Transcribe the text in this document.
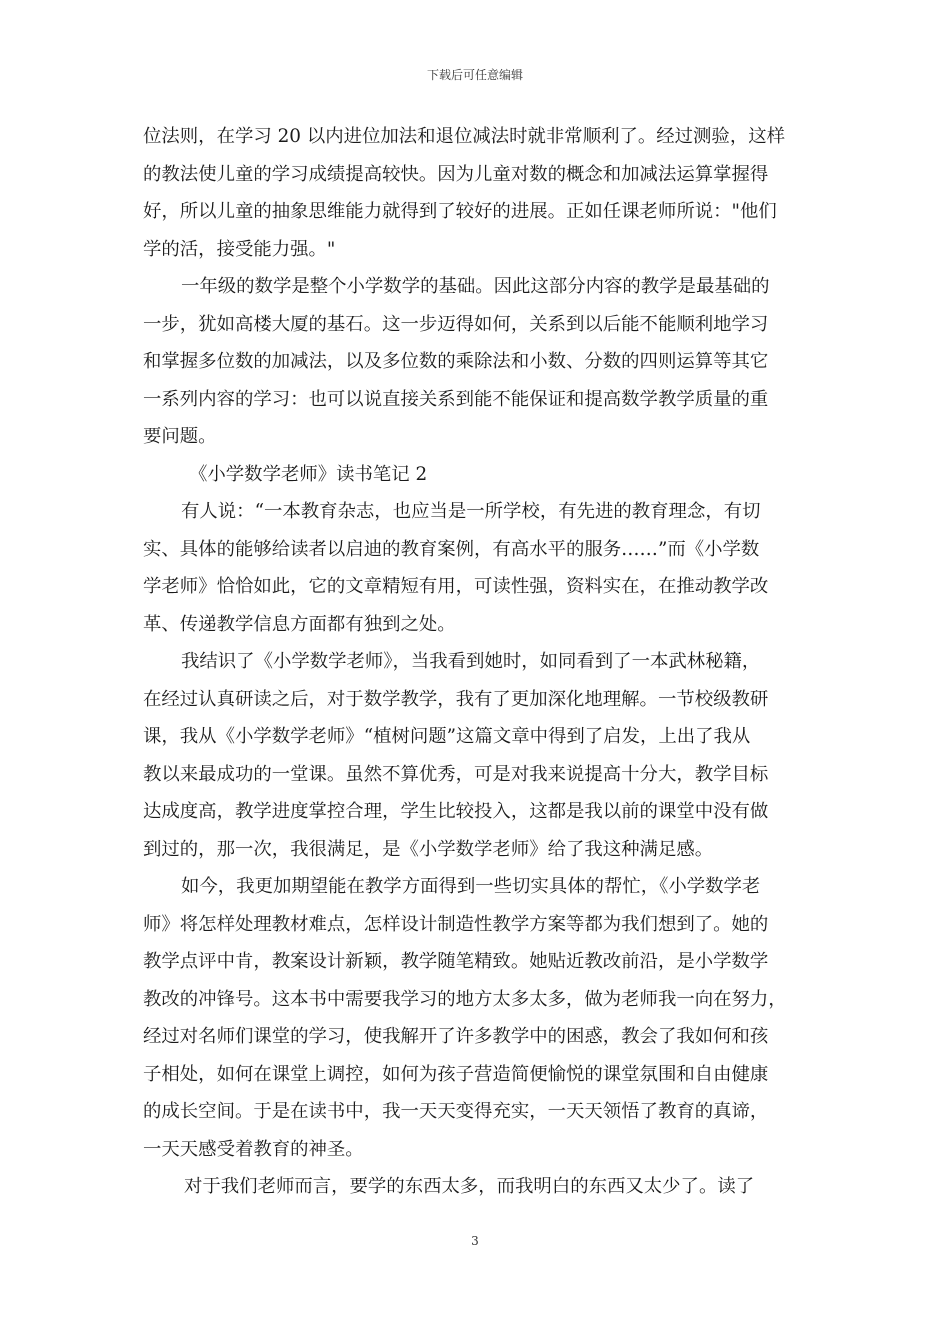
下载后可任意编辑
位法则，在学习 20 以内进位加法和退位减法时就非常顺利了。经过测验，这样
的教法使儿童的学习成绩提高较快。因为儿童对数的概念和加减法运算掌握得
好，所以儿童的抽象思维能力就得到了较好的进展。正如任课老师所说："他们
学的活，接受能力强。"
一年级的数学是整个小学数学的基础。因此这部分内容的教学是最基础的
一步，犹如高楼大厦的基石。这一步迈得如何，关系到以后能不能顺利地学习
和掌握多位数的加减法，以及多位数的乘除法和小数、分数的四则运算等其它
一系列内容的学习：也可以说直接关系到能不能保证和提高数学教学质量的重
要问题。
《小学数学老师》读书笔记 2
有人说：“一本教育杂志，也应当是一所学校，有先进的教育理念，有切
实、具体的能够给读者以启迪的教育案例，有高水平的服务……”而《小学数
学老师》恰恰如此，它的文章精短有用，可读性强，资料实在，在推动教学改
革、传递教学信息方面都有独到之处。
我结识了《小学数学老师》，当我看到她时，如同看到了一本武林秘籍，
在经过认真研读之后，对于数学教学，我有了更加深化地理解。一节校级教研
课，我从《小学数学老师》“植树问题”这篇文章中得到了启发，上出了我从
教以来最成功的一堂课。虽然不算优秀，可是对我来说提高十分大，教学目标
达成度高，教学进度掌控合理，学生比较投入，这都是我以前的课堂中没有做
到过的，那一次，我很满足，是《小学数学老师》给了我这种满足感。
如今，我更加期望能在教学方面得到一些切实具体的帮忙，《小学数学老
师》将怎样处理教材难点，怎样设计制造性教学方案等都为我们想到了。她的
教学点评中肯，教案设计新颖，教学随笔精致。她贴近教改前沿，是小学数学
教改的冲锋号。这本书中需要我学习的地方太多太多，做为老师我一向在努力，
经过对名师们课堂的学习，使我解开了许多教学中的困惑，教会了我如何和孩
子相处，如何在课堂上调控，如何为孩子营造简便愉悦的课堂氛围和自由健康
的成长空间。于是在读书中，我一天天变得充实，一天天领悟了教育的真谛，
一天天感受着教育的神圣。
对于我们老师而言，要学的东西太多，而我明白的东西又太少了。读了
3
